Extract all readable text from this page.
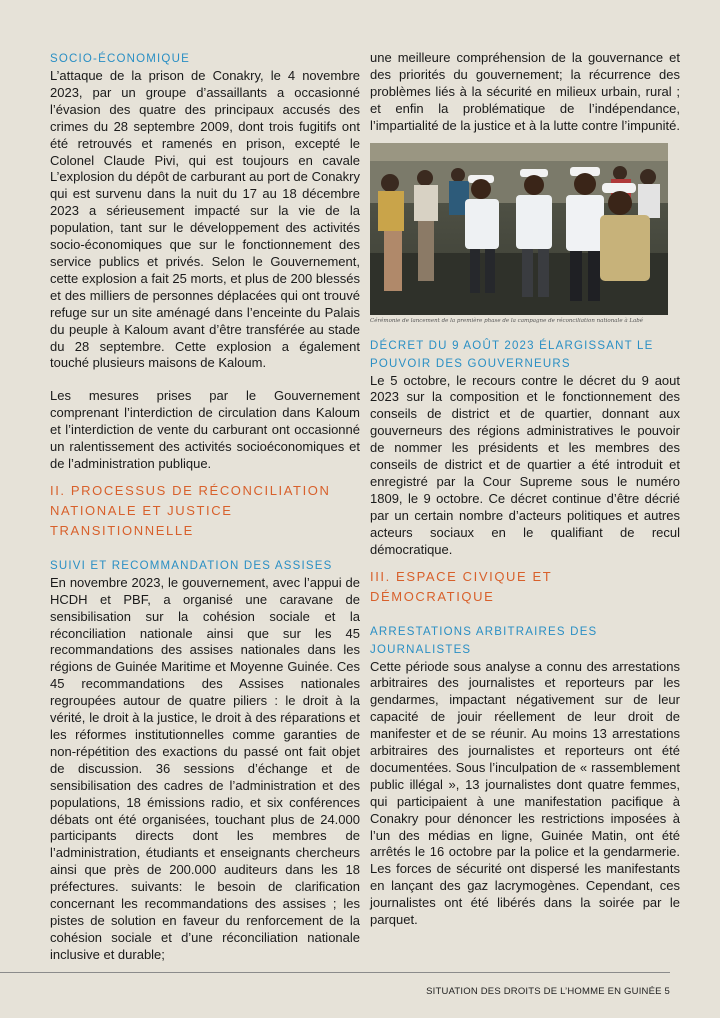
SOCIO-ÉCONOMIQUE

L’attaque de la prison de Conakry, le 4 novembre 2023, par un groupe d’assaillants a occasionné l’évasion des quatre des principaux accusés des crimes du 28 septembre 2009, dont trois fugitifs ont été retrouvés et ramenés en prison, excepté le Colonel Claude Pivi, qui est toujours en cavale L’explosion du dépôt de carburant au port de Conakry qui est survenu dans la nuit du 17 au 18 décembre 2023 a sérieusement impacté sur la vie de la population, tant sur le développement des activités socio-économiques que sur le fonctionnement des service publics et privés. Selon le Gouvernement, cette explosion a fait 25 morts, et plus de 200 blessés et des milliers de personnes déplacées qui ont trouvé refuge sur un site aménagé dans l’enceinte du Palais du peuple à Kaloum avant d’être transférée au stade du 28 septembre. Cette explosion a également touché plusieurs maisons de Kaloum.

Les mesures prises par le Gouvernement comprenant l’interdiction de circulation dans Kaloum et l’interdiction de vente du carburant ont occasionné un ralentissement des activités socioéconomiques et de l’administration publique.

II. PROCESSUS DE RÉCONCILIATION NATIONALE ET JUSTICE TRANSITIONNELLE
SUIVI ET RECOMMANDATION DES ASSISES

En novembre 2023, le gouvernement, avec l’appui de HCDH et PBF, a organisé une caravane de sensibilisation sur la cohésion sociale et la réconciliation nationale ainsi que sur les 45 recommandations des assises nationales dans les régions de Guinée Maritime et Moyenne Guinée. Ces 45 recommandations des Assises nationales regroupées autour de quatre piliers : le droit à la vérité, le droit à la justice, le droit à des réparations et les réformes institutionnelles comme garanties de non-répétition des exactions du passé ont fait objet de discussion. 36 sessions d’échange et de sensibilisation des cadres de l’administration et des populations, 18 émissions radio, et six conférences débats ont été organisées, touchant plus de 24.000 participants directs dont les membres de l’administration, étudiants et enseignants chercheurs ainsi que près de 200.000 auditeurs dans les 18 préfectures. suivants: le besoin de clarification concernant les recommandations des assises ; les pistes de solution en faveur du renforcement de la cohésion sociale et d’une réconciliation nationale inclusive et durable;

une meilleure compréhension de la gouvernance et des priorités du gouvernement; la récurrence des problèmes liés à la sécurité en milieux urbain, rural ; et enfin la problématique de l’indépendance, l’impartialité de la justice et à la lutte contre l’impunité.

Cérémonie de lancement de la première phase de la campagne de réconciliation nationale à Labé
DÉCRET DU 9 AOÛT 2023 ÉLARGISSANT LE POUVOIR DES GOUVERNEURS

Le 5 octobre, le recours contre le décret du 9 aout 2023 sur la composition et le fonctionnement des conseils de district et de quartier, donnant aux gouverneurs des régions administratives le pouvoir de nommer les présidents et les membres des conseils de district et de quartier a été introduit et enregistré par la Cour Supreme sous le numéro 1809, le 9 octobre. Ce décret continue d’être décrié par un certain nombre d’acteurs politiques et autres acteurs sociaux en le qualifiant de recul démocratique.

III. ESPACE CIVIQUE ET DÉMOCRATIQUE
ARRESTATIONS ARBITRAIRES DES JOURNALISTES

Cette période sous analyse a connu des arrestations arbitraires des journalistes et reporteurs par les gendarmes, impactant négativement sur de leur capacité de jouir réellement de leur droit de manifester et de se réunir. Au moins 13 arrestations arbitraires des journalistes et reporteurs ont été documentées. Sous l’inculpation de « rassemblement public illégal », 13 journalistes dont quatre femmes, qui participaient à une manifestation pacifique à Conakry pour dénoncer les restrictions imposées à l’un des médias en ligne, Guinée Matin, ont été arrêtés le 16 octobre par la police et la gendarmerie. Les forces de sécurité ont dispersé les manifestants en lançant des gaz lacrymogènes. Cependant, ces journalistes ont été libérés dans la soirée par le parquet.

SITUATION DES DROITS DE L’HOMME EN GUINÉE 5
